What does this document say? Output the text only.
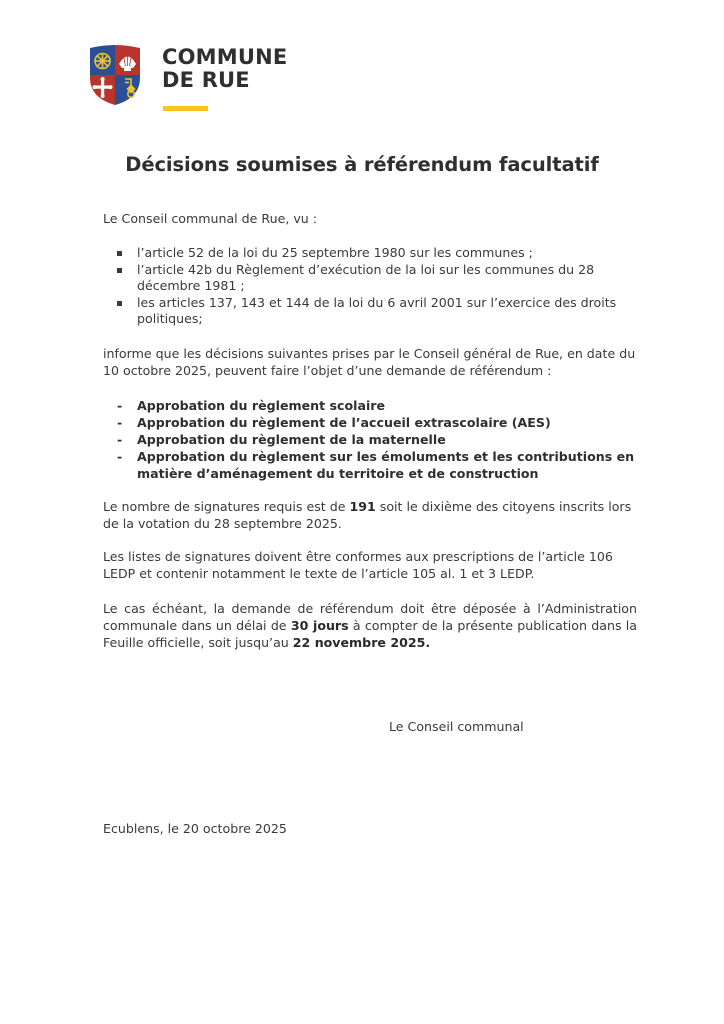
COMMUNE
DE RUE
Décisions soumises à référendum facultatif
Le Conseil communal de Rue, vu :
l’article 52 de la loi du 25 septembre 1980 sur les communes ;
l’article 42b du Règlement d’exécution de la loi sur les communes du 28 décembre 1981 ;
les articles 137, 143 et 144 de la loi du 6 avril 2001 sur l’exercice des droits politiques;
informe que les décisions suivantes prises par le Conseil général de Rue, en date du 10 octobre 2025, peuvent faire l’objet d’une demande de référendum :
- Approbation du règlement scolaire
- Approbation du règlement de l’accueil extrascolaire (AES)
- Approbation du règlement de la maternelle
- Approbation du règlement sur les émoluments et les contributions en matière d’aménagement du territoire et de construction
Le nombre de signatures requis est de 191 soit le dixième des citoyens inscrits lors de la votation du 28 septembre 2025.
Les listes de signatures doivent être conformes aux prescriptions de l’article 106 LEDP et contenir notamment le texte de l’article 105 al. 1 et 3 LEDP.
Le cas échéant, la demande de référendum doit être déposée à l’Administration communale dans un délai de 30 jours à compter de la présente publication dans la Feuille officielle, soit jusqu’au 22 novembre 2025.
Le Conseil communal
Ecublens, le 20 octobre 2025
